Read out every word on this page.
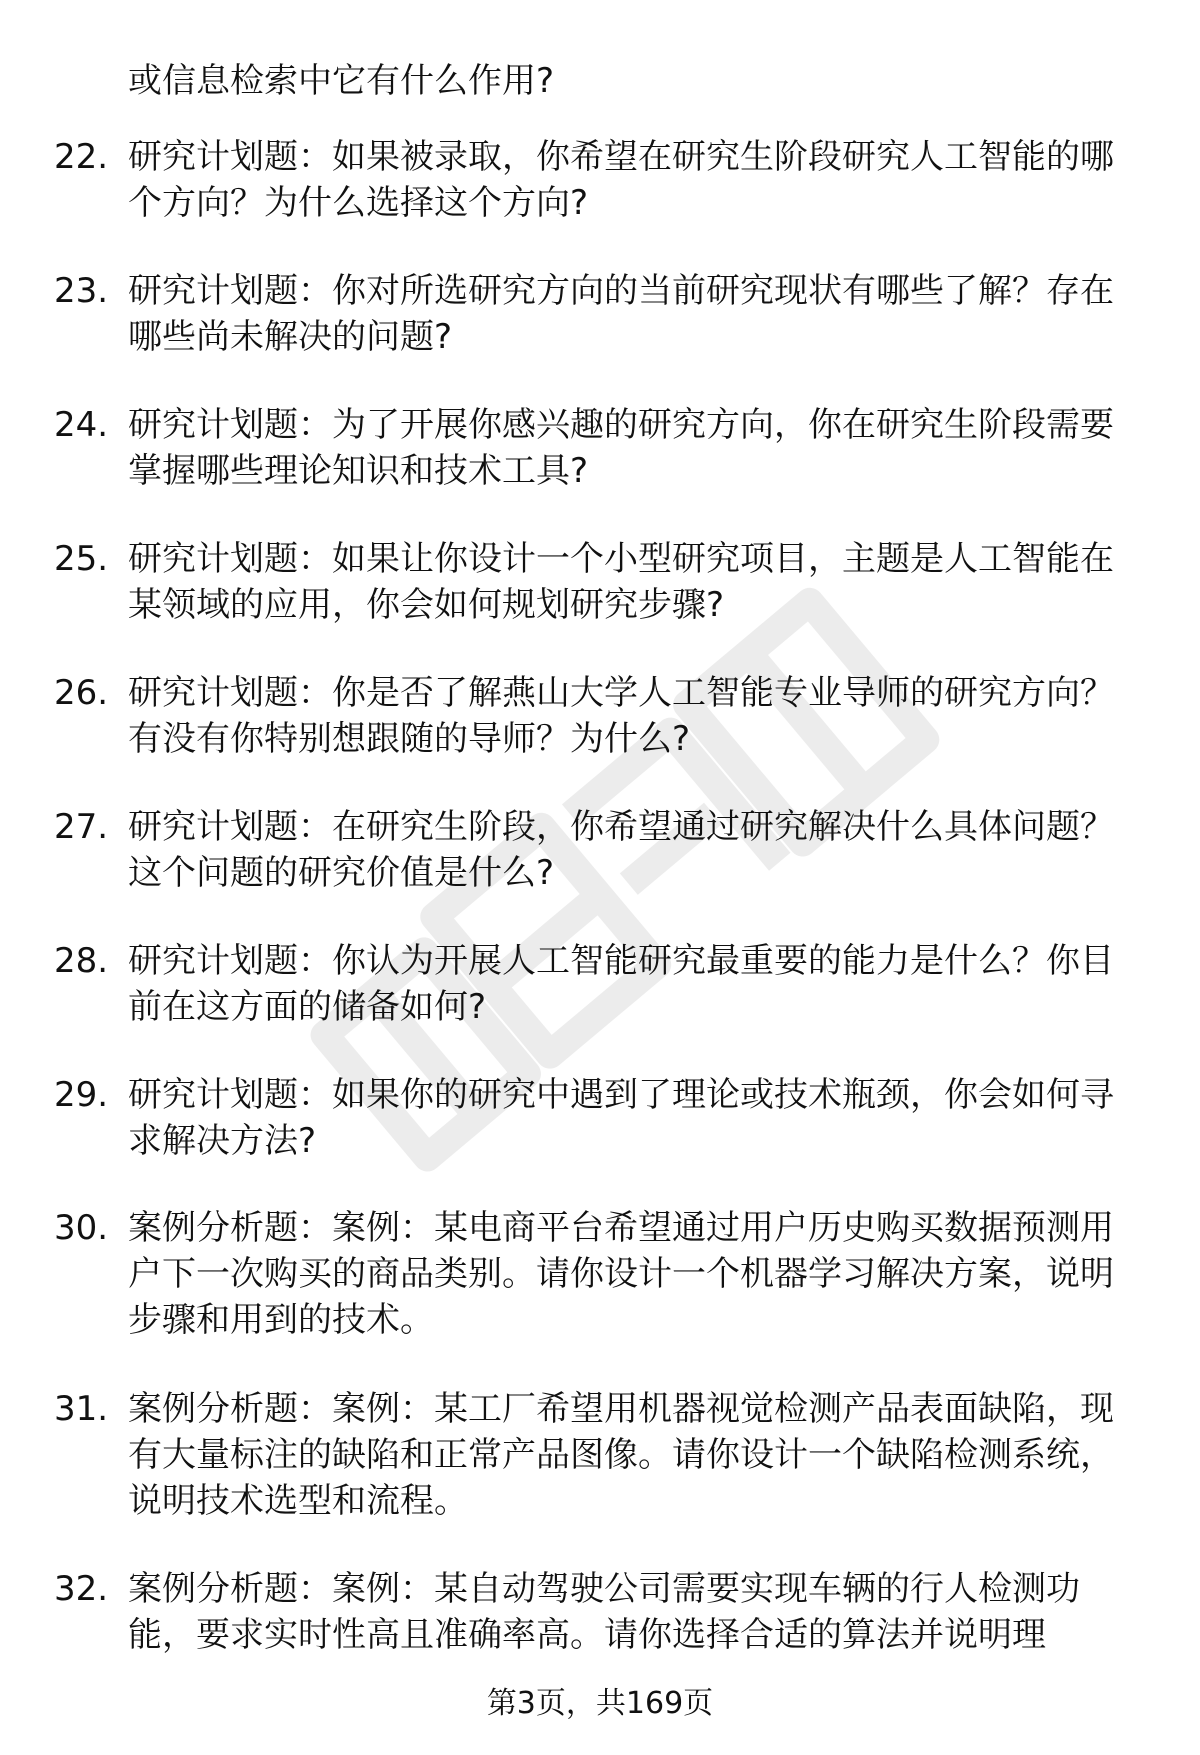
或信息检索中它有什么作用?

22. 研究计划题：如果被录取，你希望在研究生阶段研究人工智能的哪个方向？为什么选择这个方向?

23. 研究计划题：你对所选研究方向的当前研究现状有哪些了解？存在哪些尚未解决的问题?

24. 研究计划题：为了开展你感兴趣的研究方向，你在研究生阶段需要掌握哪些理论知识和技术工具?

25. 研究计划题：如果让你设计一个小型研究项目，主题是人工智能在某领域的应用，你会如何规划研究步骤?

26. 研究计划题：你是否了解燕山大学人工智能专业导师的研究方向？有没有你特别想跟随的导师？为什么?

27. 研究计划题：在研究生阶段，你希望通过研究解决什么具体问题？这个问题的研究价值是什么?

28. 研究计划题：你认为开展人工智能研究最重要的能力是什么？你目前在这方面的储备如何?

29. 研究计划题：如果你的研究中遇到了理论或技术瓶颈，你会如何寻求解决方法?

30. 案例分析题：案例：某电商平台希望通过用户历史购买数据预测用户下一次购买的商品类别。请你设计一个机器学习解决方案，说明步骤和用到的技术。

31. 案例分析题：案例：某工厂希望用机器视觉检测产品表面缺陷，现有大量标注的缺陷和正常产品图像。请你设计一个缺陷检测系统，说明技术选型和流程。

32. 案例分析题：案例：某自动驾驶公司需要实现车辆的行人检测功能，要求实时性高且准确率高。请你选择合适的算法并说明理

第3页，共169页
